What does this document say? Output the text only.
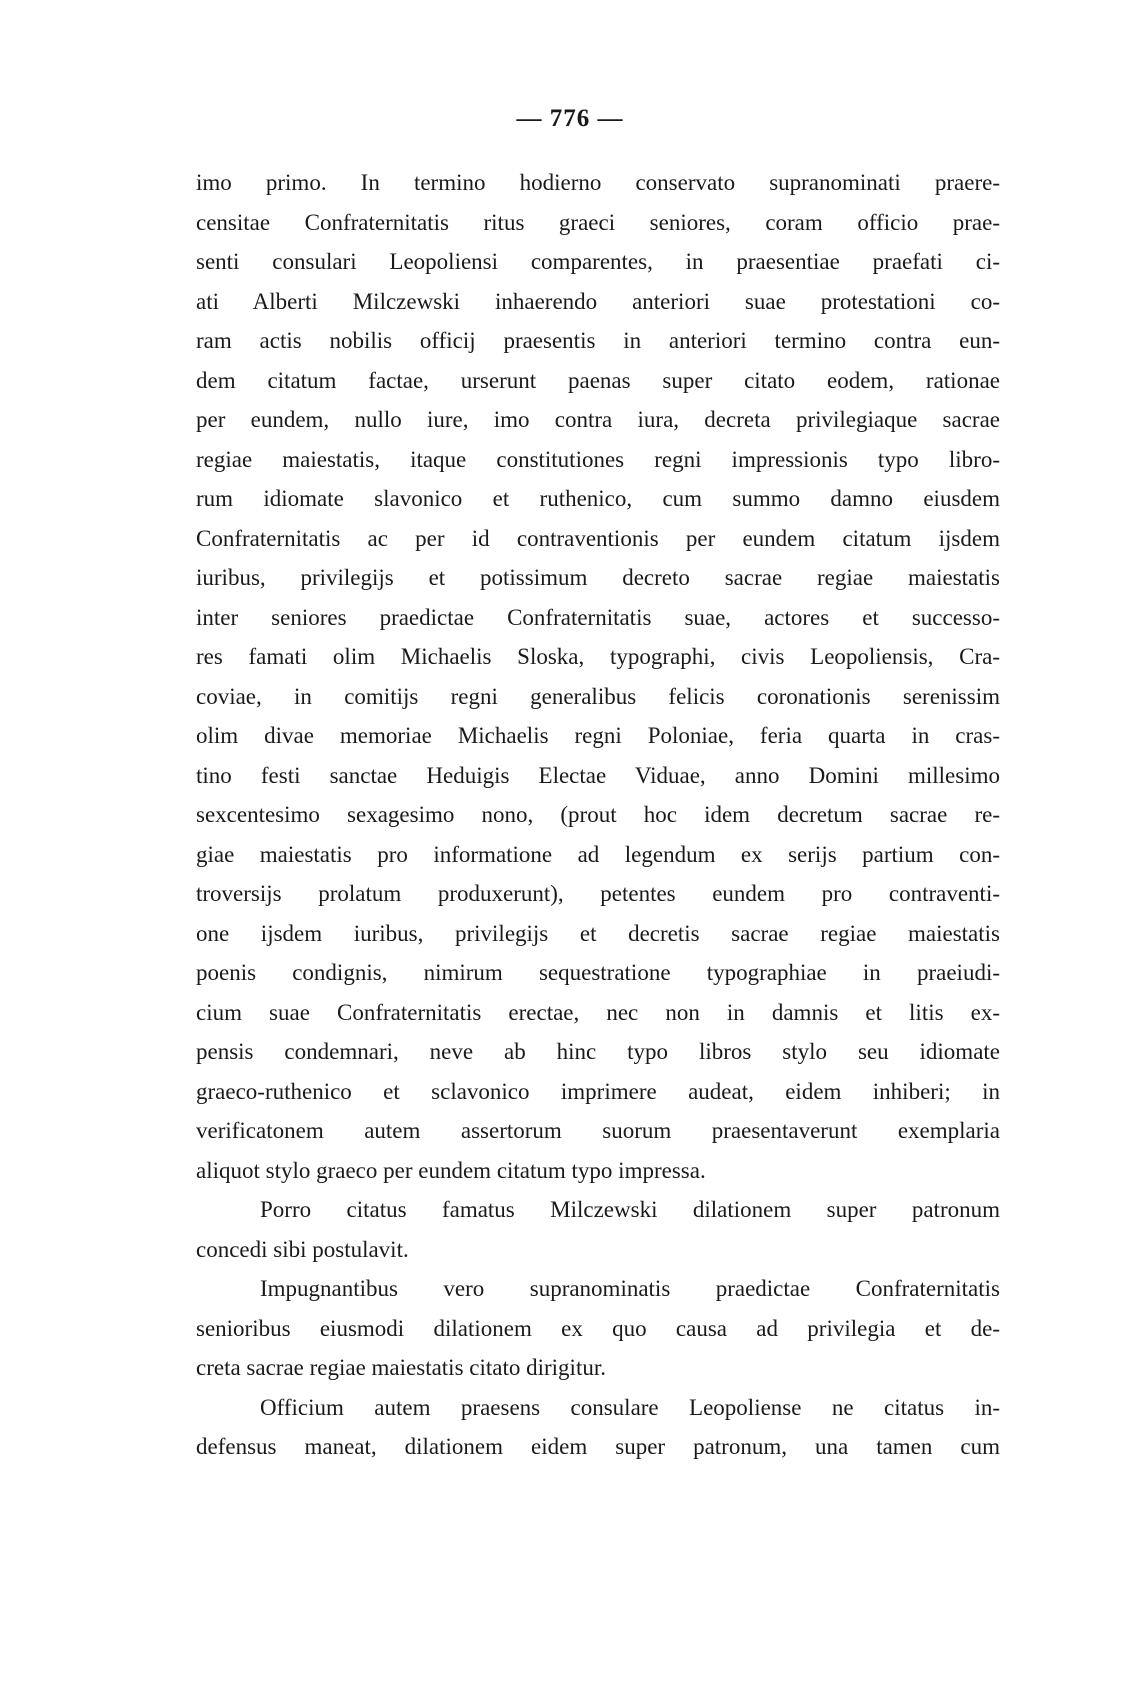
— 776 —
imo primo. In termino hodierno conservato supranominati praere-
censitae Confraternitatis ritus graeci seniores, coram officio prae-
senti consulari Leopoliensi comparentes, in praesentiae praefati ci-
ati Alberti Milczewski inhaerendo anteriori suae protestationi co-
ram actis nobilis officij praesentis in anteriori termino contra eun-
dem citatum factae, urserunt paenas super citato eodem, rationae
per eundem, nullo iure, imo contra iura, decreta privilegiaque sacrae
regiae maiestatis, itaque constitutiones regni impressionis typo libro-
rum idiomate slavonico et ruthenico, cum summo damno eiusdem
Confraternitatis ac per id contraventionis per eundem citatum ijsdem
iuribus, privilegijs et potissimum decreto sacrae regiae maiestatis
inter seniores praedictae Confraternitatis suae, actores et successo-
res famati olim Michaelis Sloska, typographi, civis Leopoliensis, Cra-
coviae, in comitijs regni generalibus felicis coronationis serenissim
olim divae memoriae Michaelis regni Poloniae, feria quarta in cras-
tino festi sanctae Heduigis Electae Viduae, anno Domini millesimo
sexcentesimo sexagesimo nono, (prout hoc idem decretum sacrae re-
giae maiestatis pro informatione ad legendum ex serijs partium con-
troversijs prolatum produxerunt), petentes eundem pro contraventi-
one ijsdem iuribus, privilegijs et decretis sacrae regiae maiestatis
poenis condignis, nimirum sequestratione typographiae in praeiudi-
cium suae Confraternitatis erectae, nec non in damnis et litis ex-
pensis condemnari, neve ab hinc typo libros stylo seu idiomate
graeco-ruthenico et sclavonico imprimere audeat, eidem inhiberi; in
verificatonem autem assertorum suorum praesentaverunt exemplaria
aliquot stylo graeco per eundem citatum typo impressa.
Porro citatus famatus Milczewski dilationem super patronum
concedi sibi postulavit.
Impugnantibus vero supranominatis praedictae Confraternitatis
senioribus eiusmodi dilationem ex quo causa ad privilegia et de-
creta sacrae regiae maiestatis citato dirigitur.
Officium autem praesens consulare Leopoliense ne citatus in-
defensus maneat, dilationem eidem super patronum, una tamen cum
